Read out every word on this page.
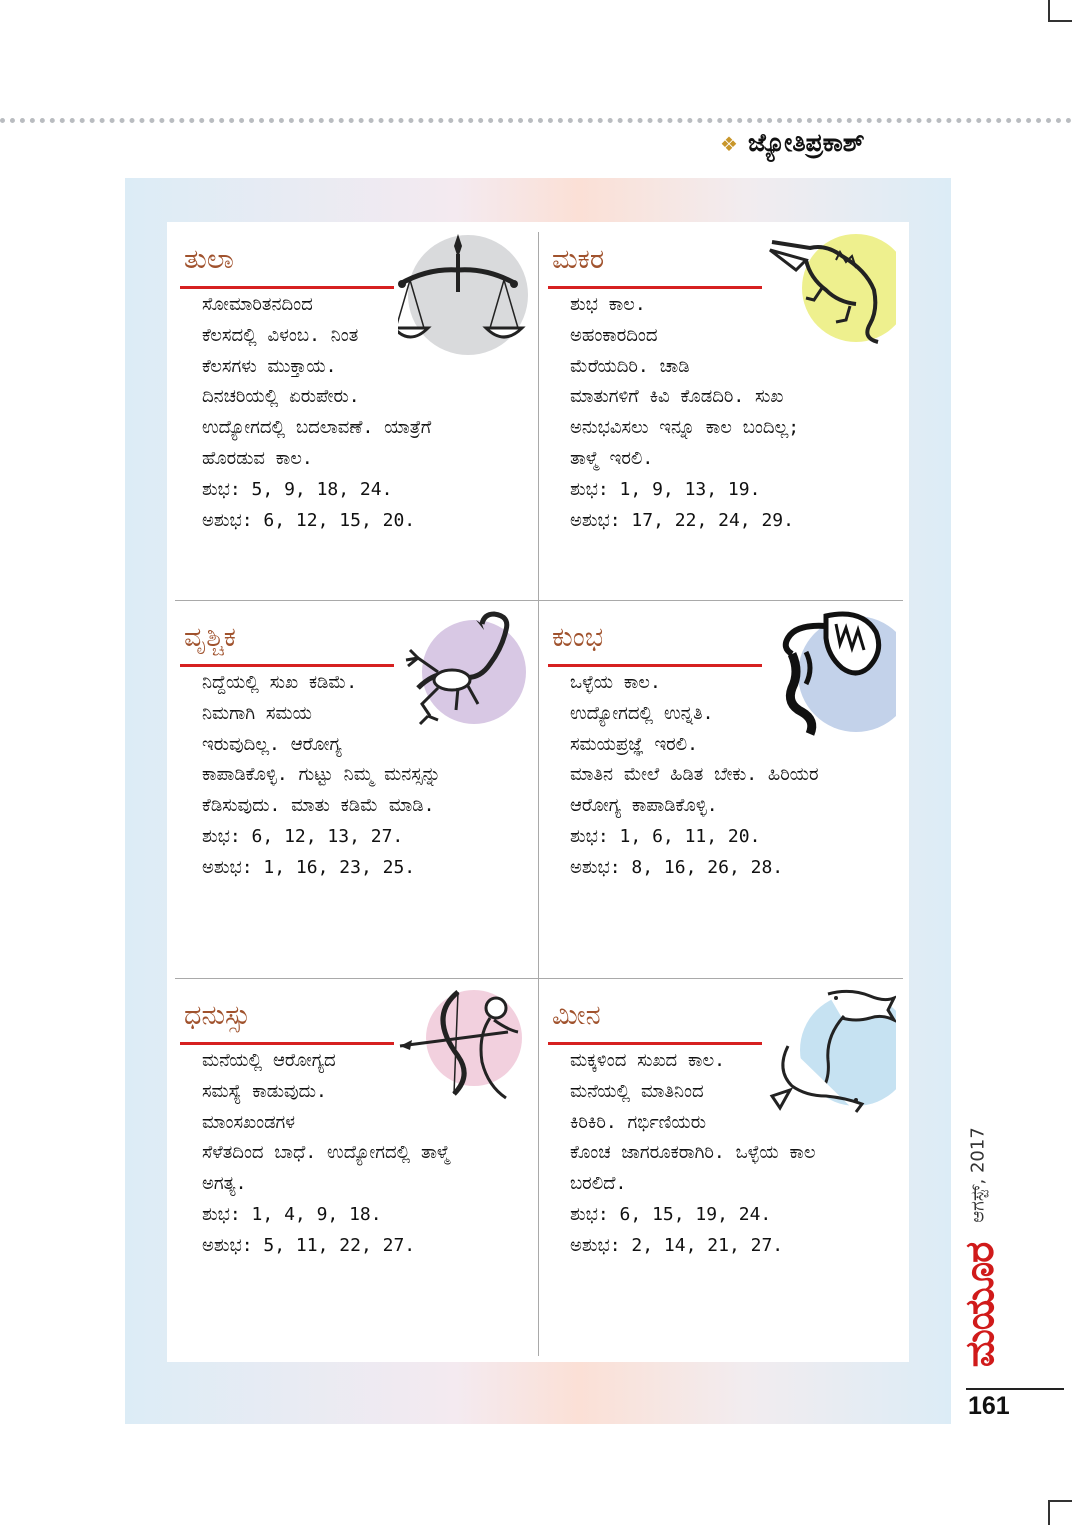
❖ ಜ್ಯೋತಿಪ್ರಕಾಶ್
ತುಲಾ
ಸೋಮಾರಿತನದಿಂದ
ಕೆಲಸದಲ್ಲಿ ವಿಳಂಬ. ನಿಂತ
ಕೆಲಸಗಳು ಮುಕ್ತಾಯ.
ದಿನಚರಿಯಲ್ಲಿ ಏರುಪೇರು.
ಉದ್ಯೋಗದಲ್ಲಿ ಬದಲಾವಣೆ. ಯಾತ್ರೆಗೆ
ಹೊರಡುವ ಕಾಲ.
ಶುಭ: 5, 9, 18, 24.
ಅಶುಭ: 6, 12, 15, 20.
ಮಕರ
ಶುಭ ಕಾಲ.
ಅಹಂಕಾರದಿಂದ
ಮೆರೆಯದಿರಿ. ಚಾಡಿ
ಮಾತುಗಳಿಗೆ ಕಿವಿ ಕೊಡದಿರಿ. ಸುಖ
ಅನುಭವಿಸಲು ಇನ್ನೂ ಕಾಲ ಬಂದಿಲ್ಲ;
ತಾಳ್ಮೆ ಇರಲಿ.
ಶುಭ: 1, 9, 13, 19.
ಅಶುಭ: 17, 22, 24, 29.
ವೃಶ್ಚಿಕ
ನಿದ್ದೆಯಲ್ಲಿ ಸುಖ ಕಡಿಮೆ.
ನಿಮಗಾಗಿ ಸಮಯ
ಇರುವುದಿಲ್ಲ. ಆರೋಗ್ಯ
ಕಾಪಾಡಿಕೊಳ್ಳಿ. ಗುಟ್ಟು ನಿಮ್ಮ ಮನಸ್ಸನ್ನು
ಕೆಡಿಸುವುದು. ಮಾತು ಕಡಿಮೆ ಮಾಡಿ.
ಶುಭ: 6, 12, 13, 27.
ಅಶುಭ: 1, 16, 23, 25.
ಕುಂಭ
ಒಳ್ಳೆಯ ಕಾಲ.
ಉದ್ಯೋಗದಲ್ಲಿ ಉನ್ನತಿ.
ಸಮಯಪ್ರಜ್ಞೆ ಇರಲಿ.
ಮಾತಿನ ಮೇಲೆ ಹಿಡಿತ ಬೇಕು. ಹಿರಿಯರ
ಆರೋಗ್ಯ ಕಾಪಾಡಿಕೊಳ್ಳಿ.
ಶುಭ: 1, 6, 11, 20.
ಅಶುಭ: 8, 16, 26, 28.
ಧನುಸ್ಸು
ಮನೆಯಲ್ಲಿ ಆರೋಗ್ಯದ
ಸಮಸ್ಯೆ ಕಾಡುವುದು.
ಮಾಂಸಖಂಡಗಳ
ಸೆಳೆತದಿಂದ ಬಾಧೆ. ಉದ್ಯೋಗದಲ್ಲಿ ತಾಳ್ಮೆ
ಅಗತ್ಯ.
ಶುಭ: 1, 4, 9, 18.
ಅಶುಭ: 5, 11, 22, 27.
ಮೀನ
ಮಕ್ಕಳಿಂದ ಸುಖದ ಕಾಲ.
ಮನೆಯಲ್ಲಿ ಮಾತಿನಿಂದ
ಕಿರಿಕಿರಿ. ಗರ್ಭಿಣಿಯರು
ಕೊಂಚ ಜಾಗರೂಕರಾಗಿರಿ. ಒಳ್ಳೆಯ ಕಾಲ
ಬರಲಿದೆ.
ಶುಭ: 6, 15, 19, 24.
ಅಶುಭ: 2, 14, 21, 27.
ಆಗಸ್ಟ್, 2017
ಮಯೂರ
161
